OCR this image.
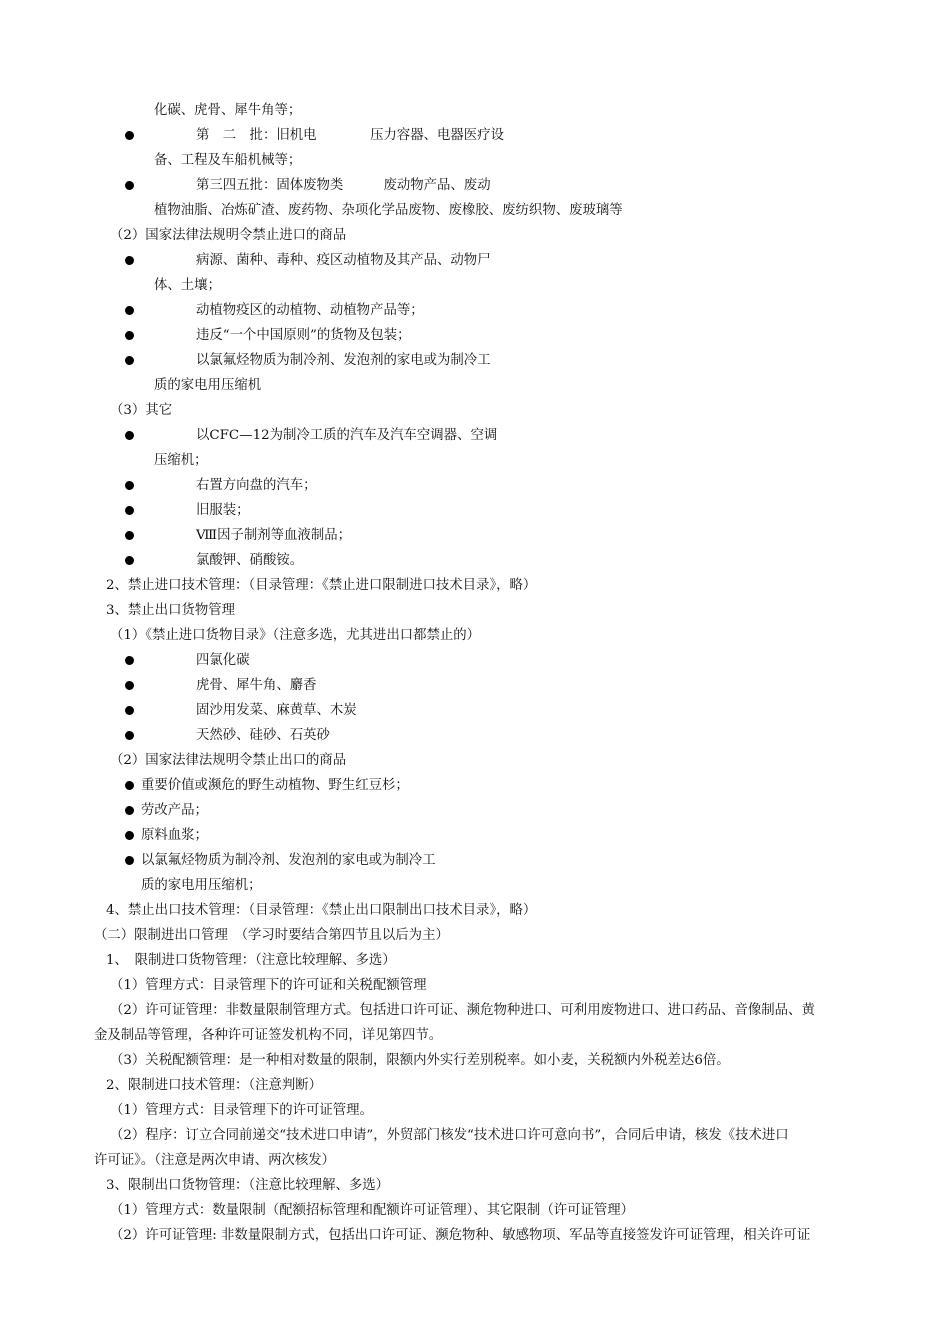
化碳、虎骨、犀牛角等；
第　二　批：旧机电　　　　压力容器、电器医疗设
备、工程及车船机械等；
第三四五批：固体废物类　　　废动物产品、废动
植物油脂、冶炼矿渣、废药物、杂项化学品废物、废橡胶、废纺织物、废玻璃等
（2）国家法律法规明令禁止进口的商品
病源、菌种、毒种、疫区动植物及其产品、动物尸
体、土壤；
动植物疫区的动植物、动植物产品等；
违反“一个中国原则”的货物及包装；
以氯氟烃物质为制冷剂、发泡剂的家电或为制冷工
质的家电用压缩机
（3）其它
以CFC—12为制冷工质的汽车及汽车空调器、空调
压缩机；
右置方向盘的汽车；
旧服装；
Ⅷ因子制剂等血液制品；
氯酸钾、硝酸铵。
2、禁止进口技术管理：（目录管理：《禁止进口限制进口技术目录》，略）
3、禁止出口货物管理
（1）《禁止进口货物目录》（注意多选，尤其进出口都禁止的）
四氯化碳
虎骨、犀牛角、麝香
固沙用发菜、麻黄草、木炭
天然砂、硅砂、石英砂
（2）国家法律法规明令禁止出口的商品
重要价值或濒危的野生动植物、野生红豆杉；
劳改产品；
原料血浆；
以氯氟烃物质为制冷剂、发泡剂的家电或为制冷工
质的家电用压缩机；
4、禁止出口技术管理：（目录管理：《禁止出口限制出口技术目录》，略）
（二）限制进出口管理　（学习时要结合第四节且以后为主）
1、　限制进口货物管理：（注意比较理解、多选）
（1）管理方式：目录管理下的许可证和关税配额管理
（2）许可证管理：非数量限制管理方式。包括进口许可证、濒危物种进口、可利用废物进口、进口药品、音像制品、黄
金及制品等管理，各种许可证签发机构不同，详见第四节。
（3）关税配额管理：是一种相对数量的限制，限额内外实行差别税率。如小麦，关税额内外税差达6倍。
2、限制进口技术管理：（注意判断）
（1）管理方式：目录管理下的许可证管理。
（2）程序：订立合同前递交“技术进口申请”，外贸部门核发“技术进口许可意向书”，合同后申请，核发《技术进口
许可证》。（注意是两次申请、两次核发）
3、限制出口货物管理：（注意比较理解、多选）
（1）管理方式：数量限制（配额招标管理和配额许可证管理）、其它限制（许可证管理）
（2）许可证管理: 非数量限制方式，包括出口许可证、濒危物种、敏感物项、军品等直接签发许可证管理，相关许可证
